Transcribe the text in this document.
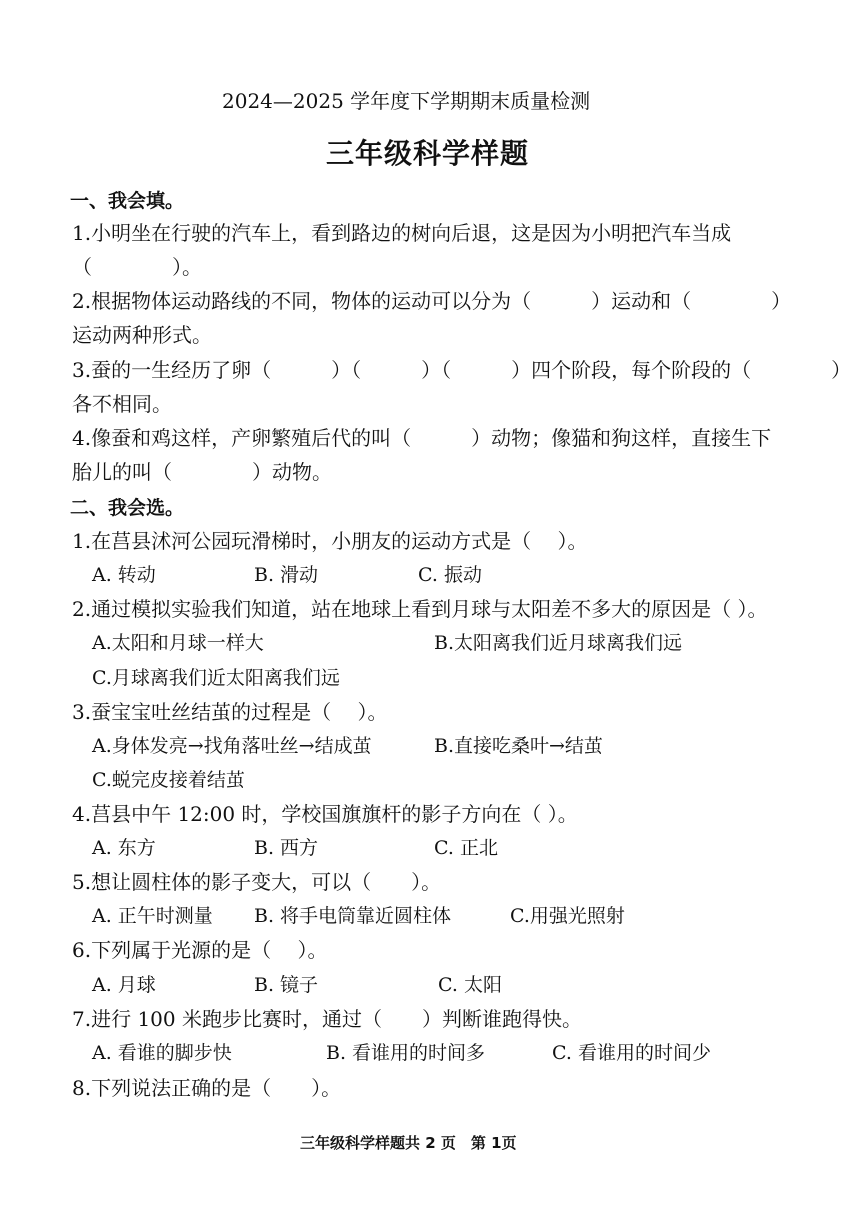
2024—2025 学年度下学期期末质量检测
三年级科学样题
一、我会填。
1.小明坐在行驶的汽车上，看到路边的树向后退，这是因为小明把汽车当成
（　　　　）。
2.根据物体运动路线的不同，物体的运动可以分为（　　　）运动和（　　　　）
运动两种形式。
3.蚕的一生经历了卵（　　　）（　　　）（　　　）四个阶段，每个阶段的（　　　　）
各不相同。
4.像蚕和鸡这样，产卵繁殖后代的叫（　　　）动物；像猫和狗这样，直接生下
胎儿的叫（　　　　）动物。
二、我会选。
1.在莒县沭河公园玩滑梯时，小朋友的运动方式是（　 ）。
A. 转动	B. 滑动	C. 振动
2.通过模拟实验我们知道，站在地球上看到月球与太阳差不多大的原因是（ ）。
A.太阳和月球一样大	B.太阳离我们近月球离我们远
C.月球离我们近太阳离我们远
3.蚕宝宝吐丝结茧的过程是（　 ）。
A.身体发亮→找角落吐丝→结成茧	B.直接吃桑叶→结茧
C.蜕完皮接着结茧
4.莒县中午 12:00 时，学校国旗旗杆的影子方向在（ ）。
A. 东方	B. 西方	C. 正北
5.想让圆柱体的影子变大，可以（　　）。
A. 正午时测量 B. 将手电筒靠近圆柱体	C.用强光照射
6.下列属于光源的是（　 ）。
A. 月球	B. 镜子	C. 太阳
7.进行 100 米跑步比赛时，通过（　　）判断谁跑得快。
A. 看谁的脚步快	B. 看谁用的时间多	C. 看谁用的时间少
8.下列说法正确的是（　　）。
三年级科学样题共 2 页　第 1页
